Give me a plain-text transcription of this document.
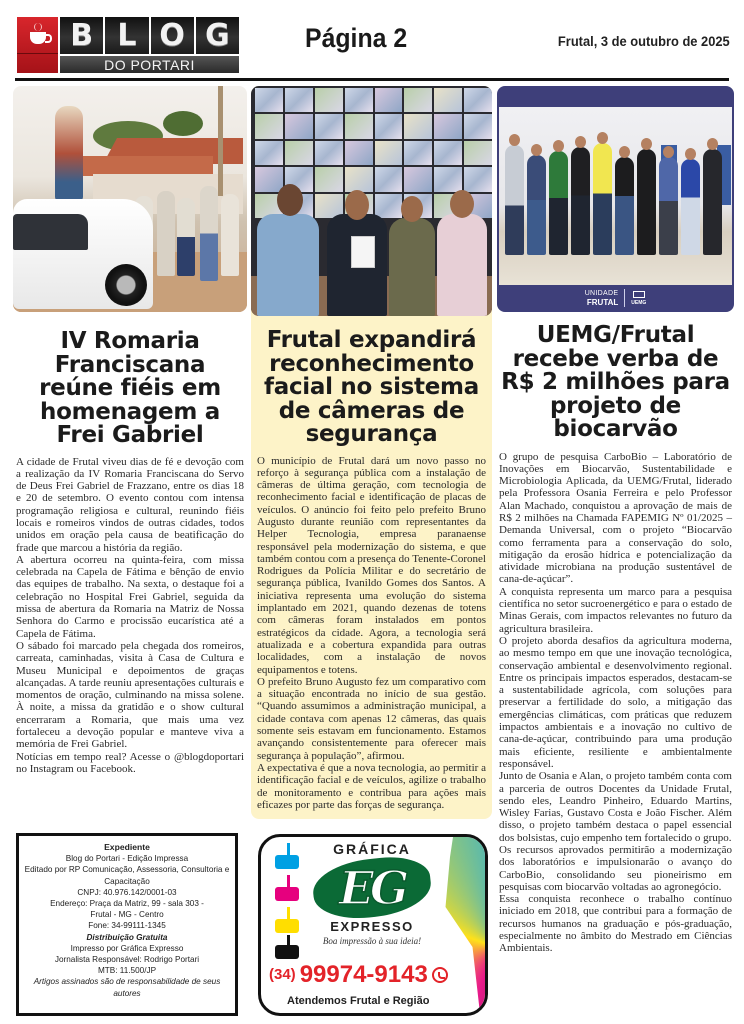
B L O G
DO PORTARI
Página 2	Frutal, 3 de outubro de 2025
IV Romaria Franciscana reúne fiéis em homenagem a Frei Gabriel

A cidade de Frutal viveu dias de fé e devoção com a realização da IV Romaria Franciscana do Servo de Deus Frei Gabriel de Frazzano, entre os dias 18 e 20 de setembro. O evento contou com intensa programação religiosa e cultural, reunindo fiéis locais e romeiros vindos de outras cidades, todos unidos em oração pela causa de beatificação do frade que marcou a história da região.

A abertura ocorreu na quinta-feira, com missa celebrada na Capela de Fátima e bênção de envio das equipes de trabalho. Na sexta, o destaque foi a celebração no Hospital Frei Gabriel, seguida da missa de abertura da Romaria na Matriz de Nossa Senhora do Carmo e procissão eucarística até a Capela de Fátima.

O sábado foi marcado pela chegada dos romeiros, carreata, caminhadas, visita à Casa de Cultura e Museu Municipal e depoimentos de graças alcançadas. A tarde reuniu apresentações culturais e momentos de oração, culminando na missa solene. À noite, a missa da gratidão e o show cultural encerraram a Romaria, que mais uma vez fortaleceu a devoção popular e manteve viva a memória de Frei Gabriel.

Notícias em tempo real? Acesse o @blogdoportari no Instagram ou Facebook.

Frutal expandirá reconhecimento facial no sistema de câmeras de segurança

O município de Frutal dará um novo passo no reforço à segurança pública com a instalação de câmeras de última geração, com tecnologia de reconhecimento facial e identificação de placas de veículos. O anúncio foi feito pelo prefeito Bruno Augusto durante reunião com representantes da Helper Tecnologia, empresa paranaense responsável pela modernização do sistema, e que também contou com a presença do Tenente-Coronel Rodrigues da Polícia Militar e do secretário de segurança pública, Ivanildo Gomes dos Santos. A iniciativa representa uma evolução do sistema implantado em 2021, quando dezenas de totens com câmeras foram instalados em pontos estratégicos da cidade. Agora, a tecnologia será atualizada e a cobertura expandida para outras localidades, com a instalação de novos equipamentos e totens.

O prefeito Bruno Augusto fez um comparativo com a situação encontrada no início de sua gestão. “Quando assumimos a administração municipal, a cidade contava com apenas 12 câmeras, das quais somente seis estavam em funcionamento. Estamos avançando consistentemente para oferecer mais segurança à população”, afirmou.

A expectativa é que a nova tecnologia, ao permitir a identificação facial e de veículos, agilize o trabalho de monitoramento e contribua para ações mais eficazes por parte das forças de segurança.

UNIDADE
FRUTAL	UEMG
UEMG/Frutal recebe verba de R$ 2 milhões para projeto de biocarvão

O grupo de pesquisa CarboBio – Laboratório de Inovações em Biocarvão, Sustentabilidade e Microbiologia Aplicada, da UEMG/Frutal, liderado pela Professora Osania Ferreira e pelo Professor Alan Machado, conquistou a aprovação de mais de R$ 2 milhões na Chamada FAPEMIG Nº 01/2025 – Demanda Universal, com o projeto “Biocarvão como ferramenta para a conservação do solo, mitigação da erosão hídrica e potencialização da atividade microbiana na produção sustentável de cana-de-açúcar”.

A conquista representa um marco para a pesquisa científica no setor sucroenergético e para o estado de Minas Gerais, com impactos relevantes no futuro da agricultura brasileira.

O projeto aborda desafios da agricultura moderna, ao mesmo tempo em que une inovação tecnológica, conservação ambiental e desenvolvimento regional. Entre os principais impactos esperados, destacam-se a sustentabilidade agrícola, com soluções para preservar a fertilidade do solo, a mitigação das emergências climáticas, com práticas que reduzem impactos ambientais e a inovação no cultivo de cana-de-açúcar, contribuindo para uma produção mais eficiente, resiliente e ambientalmente responsável.

Junto de Osania e Alan, o projeto também conta com a parceria de outros Docentes da Unidade Frutal, sendo eles, Leandro Pinheiro, Eduardo Martins, Wisley Farias, Gustavo Costa e João Fischer. Além disso, o projeto também destaca o papel essencial dos bolsistas, cujo empenho tem fortalecido o grupo.

Os recursos aprovados permitirão a modernização dos laboratórios e impulsionarão o avanço do CarboBio, consolidando seu pioneirismo em pesquisas com biocarvão voltadas ao agronegócio.

Essa conquista reconhece o trabalho contínuo iniciado em 2018, que contribui para a formação de recursos humanos na graduação e pós-graduação, especialmente no âmbito do Mestrado em Ciências Ambientais.

Expediente
Blog do Portari - Edição Impressa
Editado por RP Comunicação, Assessoria, Consultoria e Capacitação
CNPJ: 40.976.142/0001-03
Endereço: Praça da Matriz, 99 - sala 303 -
Frutal - MG - Centro
Fone: 34-99111-1345
Distribuição Gratuita
Impresso por Gráfica Expresso
Jornalista Responsável: Rodrigo Portari
MTB: 11.500/JP
Artigos assinados são de responsabilidade de seus autores
GRÁFICA
EG
EXPRESSO
Boa impressão à sua ideia!
(34) 99974-9143
Atendemos Frutal e Região
